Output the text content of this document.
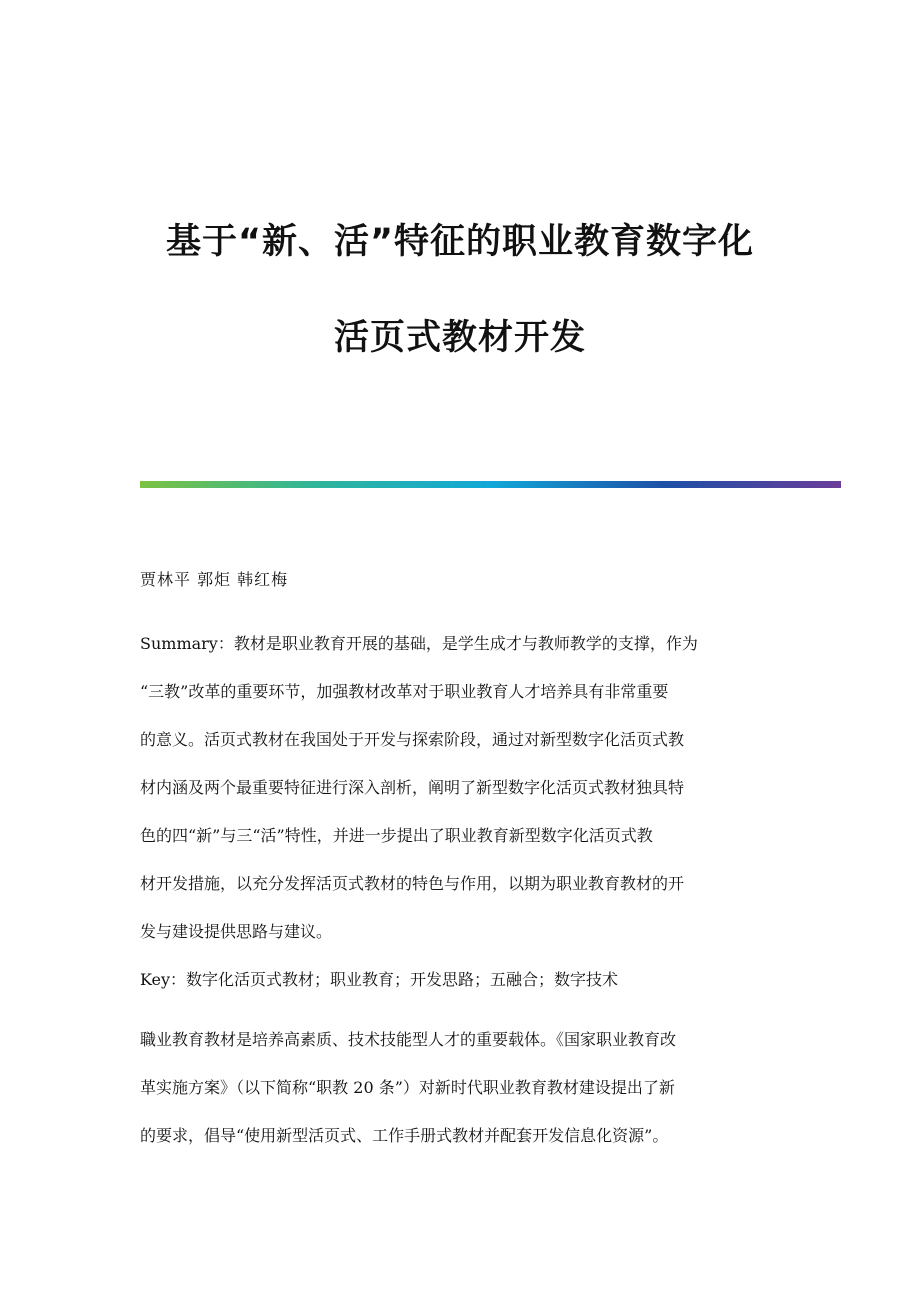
基于“新、活”特征的职业教育数字化
活页式教材开发
贾林平 郭炬 韩红梅
Summary：教材是职业教育开展的基础，是学生成才与教师教学的支撑，作为
“三教”改革的重要环节，加强教材改革对于职业教育人才培养具有非常重要
的意义。活页式教材在我国处于开发与探索阶段，通过对新型数字化活页式教
材内涵及两个最重要特征进行深入剖析，阐明了新型数字化活页式教材独具特
色的四“新”与三“活”特性，并进一步提出了职业教育新型数字化活页式教
材开发措施，以充分发挥活页式教材的特色与作用，以期为职业教育教材的开
发与建设提供思路与建议。
Key：数字化活页式教材；职业教育；开发思路；五融合；数字技术
職业教育教材是培养高素质、技术技能型人才的重要载体。《国家职业教育改
革实施方案》（以下简称“职教 20 条”）对新时代职业教育教材建设提出了新
的要求，倡导“使用新型活页式、工作手册式教材并配套开发信息化资源”。
